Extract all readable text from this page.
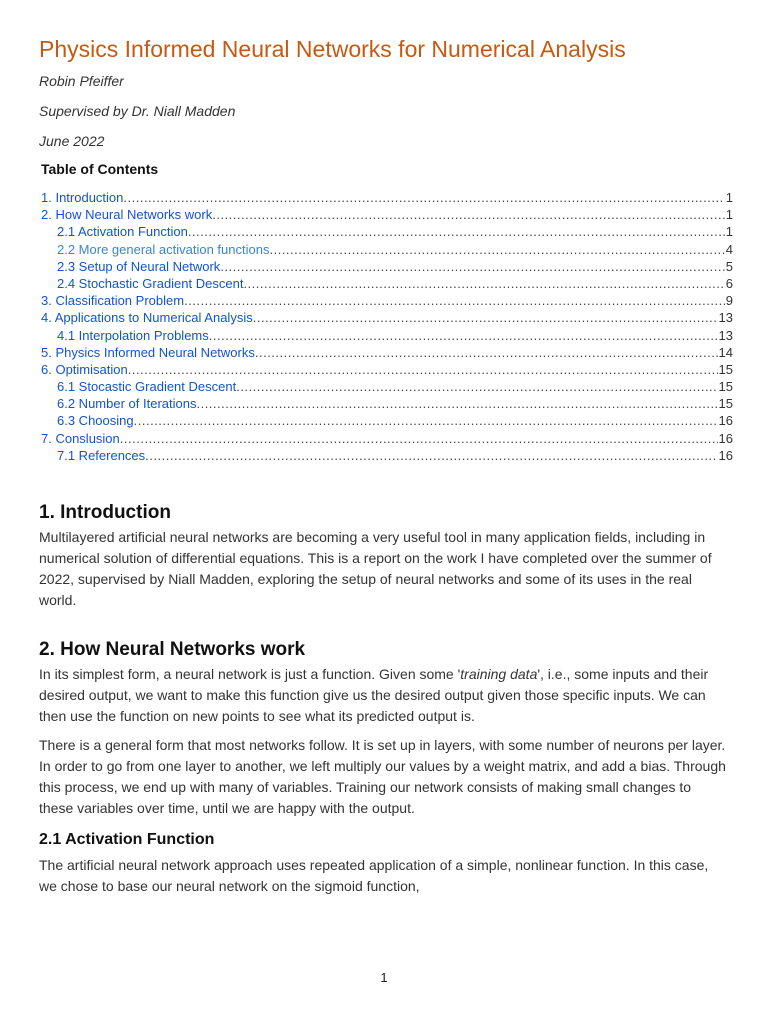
Physics Informed Neural Networks for Numerical Analysis
Robin Pfeiffer
Supervised by Dr. Niall Madden
June 2022
Table of Contents
1. Introduction .....	1
2. How Neural Networks work .....	1
2.1 Activation Function .....	1
2.2 More general activation functions .....	4
2.3 Setup of Neural Network .....	5
2.4 Stochastic Gradient Descent .....	6
3. Classification Problem .....	9
4. Applications to Numerical Analysis .....	13
4.1 Interpolation Problems .....	13
5. Physics Informed Neural Networks .....	14
6. Optimisation .....	15
6.1 Stocastic Gradient Descent .....	15
6.2 Number of Iterations .....	15
6.3 Choosing .....	16
7. Conslusion .....	16
7.1 References .....	16
1. Introduction

Multilayered artificial neural networks are becoming a very useful tool in many application fields, including in numerical solution of differential equations. This is a report on the work I have completed over the summer of 2022, supervised by Niall Madden, exploring the setup of neural networks and some of its uses in the real world.

2. How Neural Networks work

In its simplest form, a neural network is just a function. Given some 'training data', i.e., some inputs and their desired output, we want to make this function give us the desired output given those specific inputs. We can then use the function on new points to see what its predicted output is.

There is a general form that most networks follow. It is set up in layers, with some number of neurons per layer. In order to go from one layer to another, we left multiply our values by a weight matrix, and add a bias. Through this process, we end up with many of variables. Training our network consists of making small changes to these variables over time, until we are happy with the output.

2.1 Activation Function

The artificial neural network approach uses repeated application of a simple, nonlinear function. In this case, we chose to base our neural network on the sigmoid function,

1
